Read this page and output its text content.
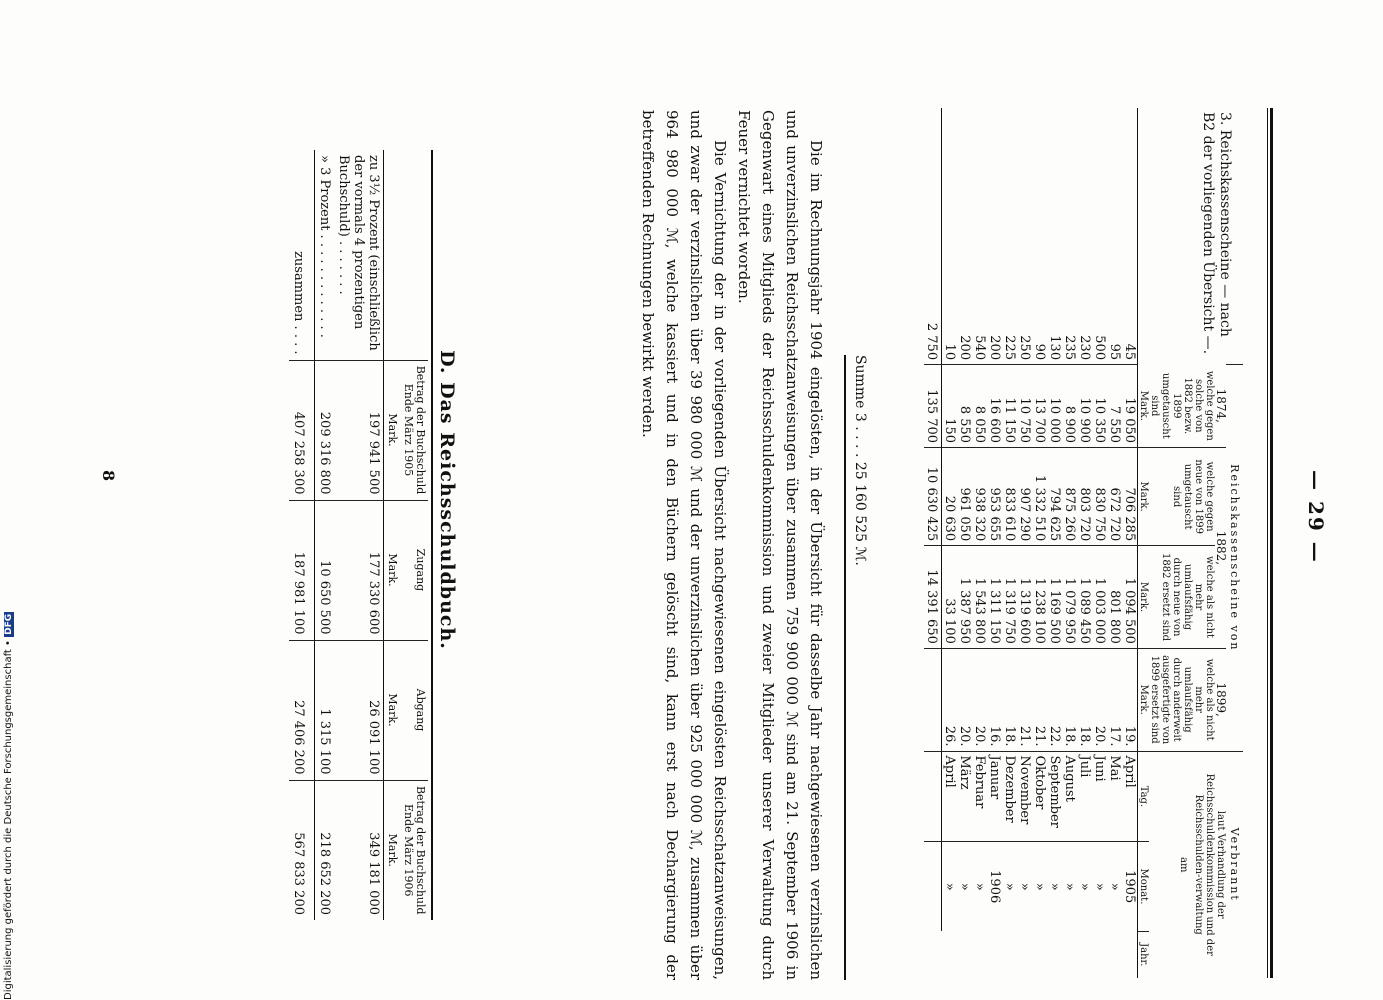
— 29 —
3. Reichskassenscheine — nach B2 der vorliegenden Übersicht —.	Reichskassenscheine von				Verbrannt		
	1874,	1882,		1899,	laut Verhandlung der Reichsschuldenkommission und der Reichsschulden-verwaltung
am		

	welche gegen solche von 1882 bezw. 1899 umgetauscht sind	welche gegen neue von 1899 umgetauscht sind	welche als nicht mehr umlaufsfähig durch neue von 1882 ersetzt sind	welche als nicht mehr umlaufsfähig durch anderweit ausgefertigte von 1899 ersetzt sind			
	Mark.	Mark.	Mark.	Mark.	Tag.	Monat.	Jahr.
45	19 050	706 285	1 094 500	19.	April	1905	
95	7 550	672 720	801 800	17.	Mai	»	
500	10 350	830 750	1 003 000	20.	Juni	»	
230	10 900	803 720	1 089 450	18.	Juli	»	
235	8 900	875 260	1 079 950	18.	August	»	
130	10 000	794 625	1 169 500	22.	September	»	
90	13 700	1 332 510	1 238 100	21.	Oktober	»	
250	10 750	907 290	1 319 600	21.	November	»	
225	11 150	833 610	1 319 750	18.	Dezember	»	
200	16 600	953 655	1 311 150	16.	Januar	1906	
540	8 050	938 320	1 543 800	20.	Februar	»	
200	8 550	961 050	1 387 950	20.	März	»	
10	150	20 630	33 100	26.	April	»	
2 750	135 700	10 630 425	14 391 650				
Summe 3 . . . . 25 160 525 ℳ.

Die im Rechnungsjahr 1904 eingelösten, in der Übersicht für dasselbe Jahr nachgewiesenen verzinslichen und unverzinslichen Reichsschatzanweisungen über zusammen 759 900 000 ℳ sind am 21. September 1906 in Gegenwart eines Mitglieds der Reichsschuldenkommission und zweier Mitglieder unserer Verwaltung durch Feuer vernichtet worden.

Die Vernichtung der in der vorliegenden Übersicht nachgewiesenen eingelösten Reichsschatzanweisungen, und zwar der verzinslichen über 39 980 000 ℳ und der unverzinslichen über 925 000 000 ℳ, zusammen über 964 980 000 ℳ, welche kassiert und in den Büchern gelöscht sind, kann erst nach Dechargierung der betreffenden Rechnungen bewirkt werden.

D. Das Reichsschuldbuch.
	Betrag der Buchschuld Ende März 1905	Zugang	Abgang	Betrag der Buchschuld Ende März 1906
	Mark.	Mark.	Mark.	Mark.
zu 3½ Prozent (einschließlich der vormals 4 prozentigen Buchschuld) . . . . . . .	197 941 500	177 330 600	26 091 100	349 181 000
» 3 Prozent . . . . . . . . . . . . .	209 316 800	10 650 500	1 315 100	218 652 200
zusammen . . . .	407 258 300	187 981 100	27 406 200	567 833 200
8
Digitalisierung gefördert durch die Deutsche Forschungsgemeinschaft • DFG
